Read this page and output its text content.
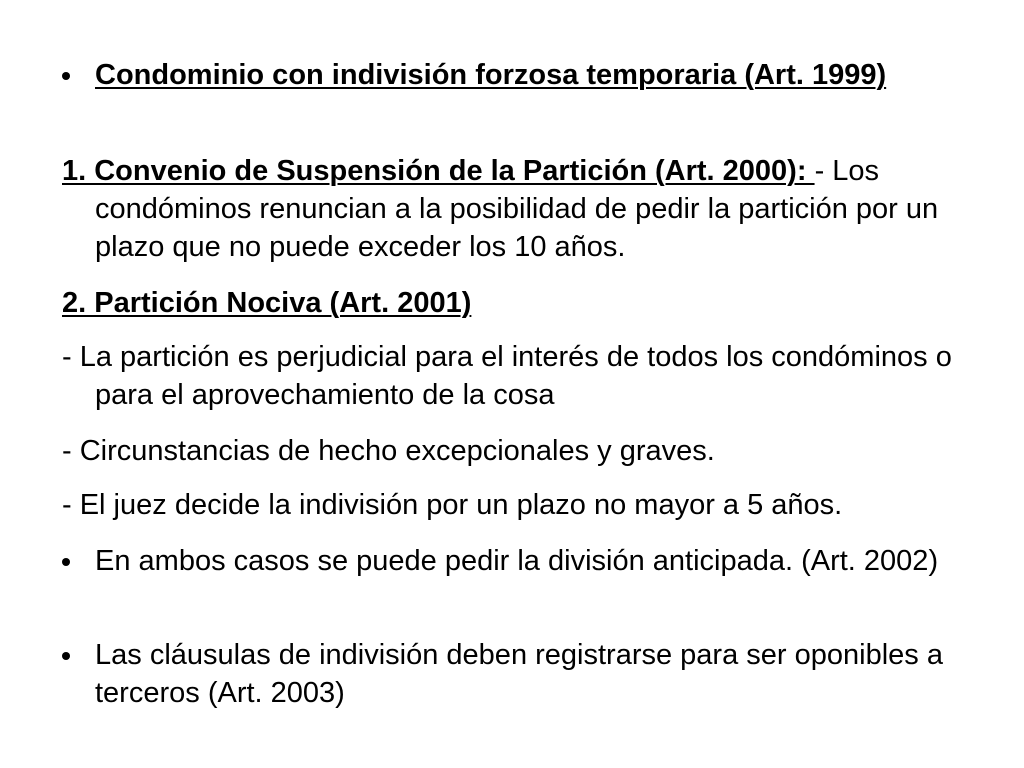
Condominio con indivisión forzosa temporaria (Art. 1999)

1. Convenio de Suspensión de la Partición (Art. 2000): - Los condóminos renuncian a la posibilidad de pedir la partición por un plazo que no puede exceder los 10 años.

2. Partición Nociva (Art. 2001)

- La partición es perjudicial para el interés de todos los condóminos o para el aprovechamiento de la cosa

- Circunstancias de hecho excepcionales y graves.

- El juez decide la indivisión por un plazo no mayor a 5 años.

En ambos casos se puede pedir la división anticipada. (Art. 2002)

Las cláusulas de indivisión deben registrarse para ser oponibles a terceros (Art. 2003)
